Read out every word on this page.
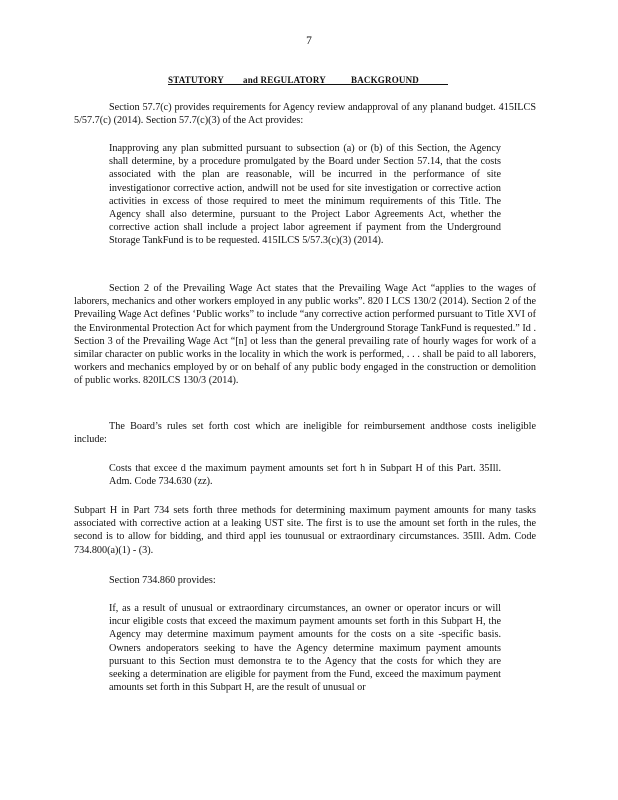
7
STATUTORY and REGULATORY	BACKGROUND

Section 57.7(c) provides requirements for Agency review andapproval of any planand budget. 415ILCS 5/57.7(c) (2014). Section 57.7(c)(3) of the Act provides:

Inapproving any plan submitted pursuant to subsection (a) or (b) of this Section, the Agency shall determine, by a procedure promulgated by the Board under Section 57.14, that the costs associated with the plan are reasonable, will be incurred in the performance of site investigationor corrective action, andwill not be used for site investigation or corrective action activities in excess of those required to meet the minimum requirements of this Title. The Agency shall also determine, pursuant to the Project Labor Agreements Act, whether the corrective action shall include a project labor agreement if payment from the Underground Storage TankFund is to be requested. 415ILCS 5/57.3(c)(3) (2014).

Section 2 of the Prevailing Wage Act states that the Prevailing Wage Act “applies to the wages of laborers, mechanics and other workers employed in any public works”. 820 I LCS 130/2 (2014). Section 2 of the Prevailing Wage Act defines ‘Public works” to include “any corrective action performed pursuant to Title XVI of the Environmental Protection Act for which payment from the Underground Storage TankFund is requested.” Id . Section 3 of the Prevailing Wage Act “[n] ot less than the general prevailing rate of hourly wages for work of a similar character on public works in the locality in which the work is performed, . . . shall be paid to all laborers, workers and mechanics employed by or on behalf of any public body engaged in the construction or demolition of public works. 820ILCS 130/3 (2014).

The Board’s rules set forth cost which are ineligible for reimbursement andthose costs ineligible include:

Costs that excee d the maximum payment amounts set fort h in Subpart H of this Part. 35Ill. Adm. Code 734.630 (zz).

Subpart H in Part 734 sets forth three methods for determining maximum payment amounts for many tasks associated with corrective action at a leaking UST site. The first is to use the amount set forth in the rules, the second is to allow for bidding, and third appl ies tounusual or extraordinary circumstances. 35Ill. Adm. Code 734.800(a)(1) - (3).

Section 734.860 provides:

If, as a result of unusual or extraordinary circumstances, an owner or operator incurs or will incur eligible costs that exceed the maximum payment amounts set forth in this Subpart H, the Agency may determine maximum payment amounts for the costs on a site -specific basis. Owners andoperators seeking to have the Agency determine maximum payment amounts pursuant to this Section must demonstra te to the Agency that the costs for which they are seeking a determination are eligible for payment from the Fund, exceed the maximum payment amounts set forth in this Subpart H, are the result of unusual or
